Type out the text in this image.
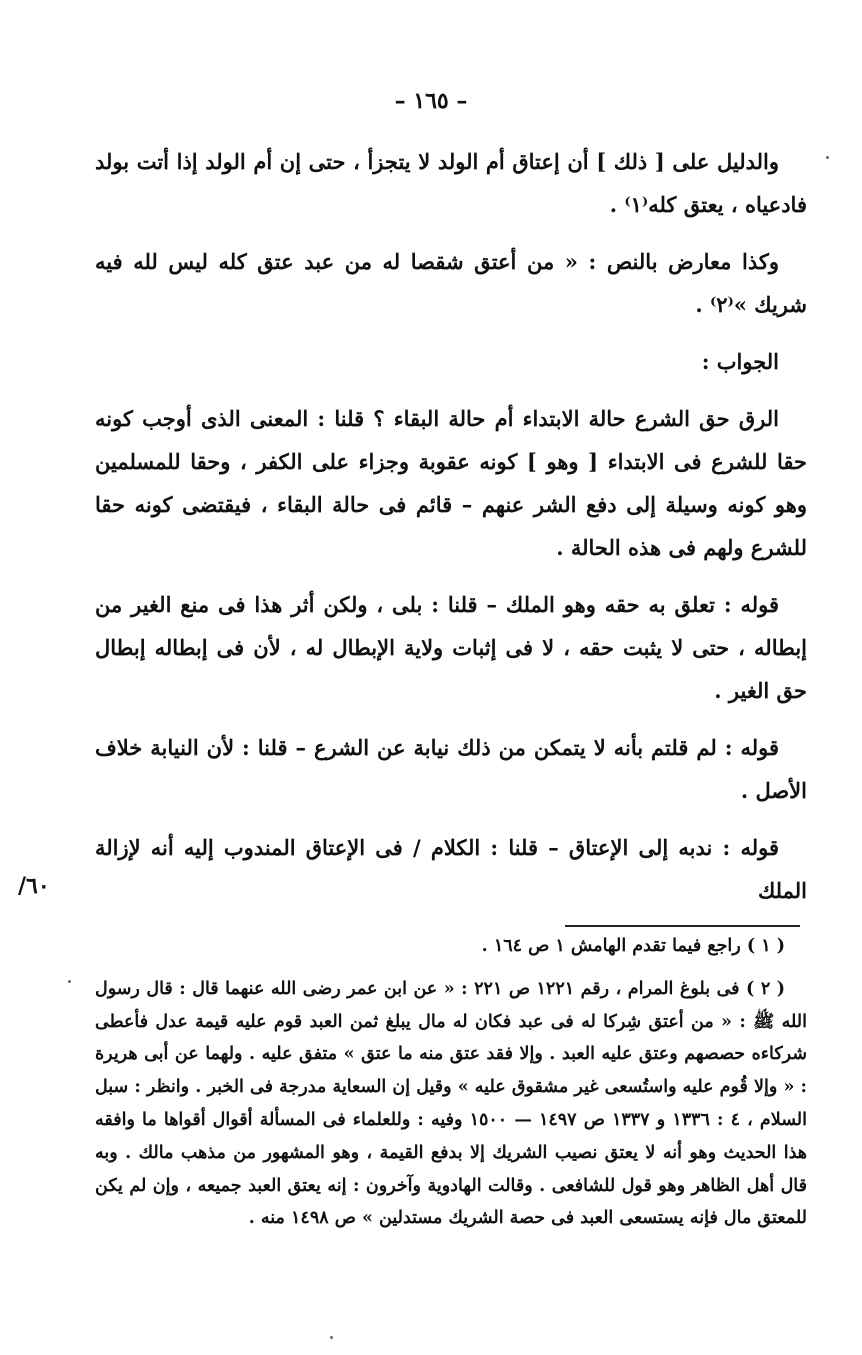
– ١٦٥ –
/٦٠

والدليل على [ ذلك ] أن إعتاق أم الولد لا يتجزأ ، حتى إن أم الولد إذا أتت بولد فادعياه ، يعتق كله⁽١⁾ .

وكذا معارض بالنص : « من أعتق شقصا له من عبد عتق كله ليس لله فيه شريك »⁽٢⁾ .

الجواب :

الرق حق الشرع حالة الابتداء أم حالة البقاء ؟ قلنا : المعنى الذى أوجب كونه حقا للشرع فى الابتداء [ وهو ] كونه عقوبة وجزاء على الكفر ، وحقا للمسلمين وهو كونه وسيلة إلى دفع الشر عنهم – قائم فى حالة البقاء ، فيقتضى كونه حقا للشرع ولهم فى هذه الحالة .

قوله : تعلق به حقه وهو الملك – قلنا : بلى ، ولكن أثر هذا فى منع الغير من إبطاله ، حتى لا يثبت حقه ، لا فى إثبات ولاية الإبطال له ، لأن فى إبطاله إبطال حق الغير .

قوله : لم قلتم بأنه لا يتمكن من ذلك نيابة عن الشرع – قلنا : لأن النيابة خلاف الأصل .

قوله : ندبه إلى الإعتاق – قلنا : الكلام / فى الإعتاق المندوب إليه أنه لإزالة الملك

( ١ ) راجع فيما تقدم الهامش ١ ص ١٦٤ .

( ٢ ) فى بلوغ المرام ، رقم ١٢٢١ ص ٢٢١ : « عن ابن عمر رضى الله عنهما قال : قال رسول الله ﷺ : « من أعتق شِركا له فى عبد فكان له مال يبلغ ثمن العبد قوم عليه قيمة عدل فأعطى شركاءه حصصهم وعتق عليه العبد . وإلا فقد عتق منه ما عتق » متفق عليه . ولهما عن أبى هريرة : « وإلا قُوم عليه واستُسعى غير مشقوق عليه » وقيل إن السعاية مدرجة فى الخبر . وانظر : سبل السلام ، ٤ : ١٣٣٦ و ١٣٣٧ ص ١٤٩٧ — ١٥٠٠ وفيه : وللعلماء فى المسألة أقوال أقواها ما وافقه هذا الحديث وهو أنه لا يعتق نصيب الشريك إلا بدفع القيمة ، وهو المشهور من مذهب مالك . وبه قال أهل الظاهر وهو قول للشافعى . وقالت الهادوية وآخرون : إنه يعتق العبد جميعه ، وإن لم يكن للمعتق مال فإنه يستسعى العبد فى حصة الشريك مستدلين » ص ١٤٩٨ منه .
